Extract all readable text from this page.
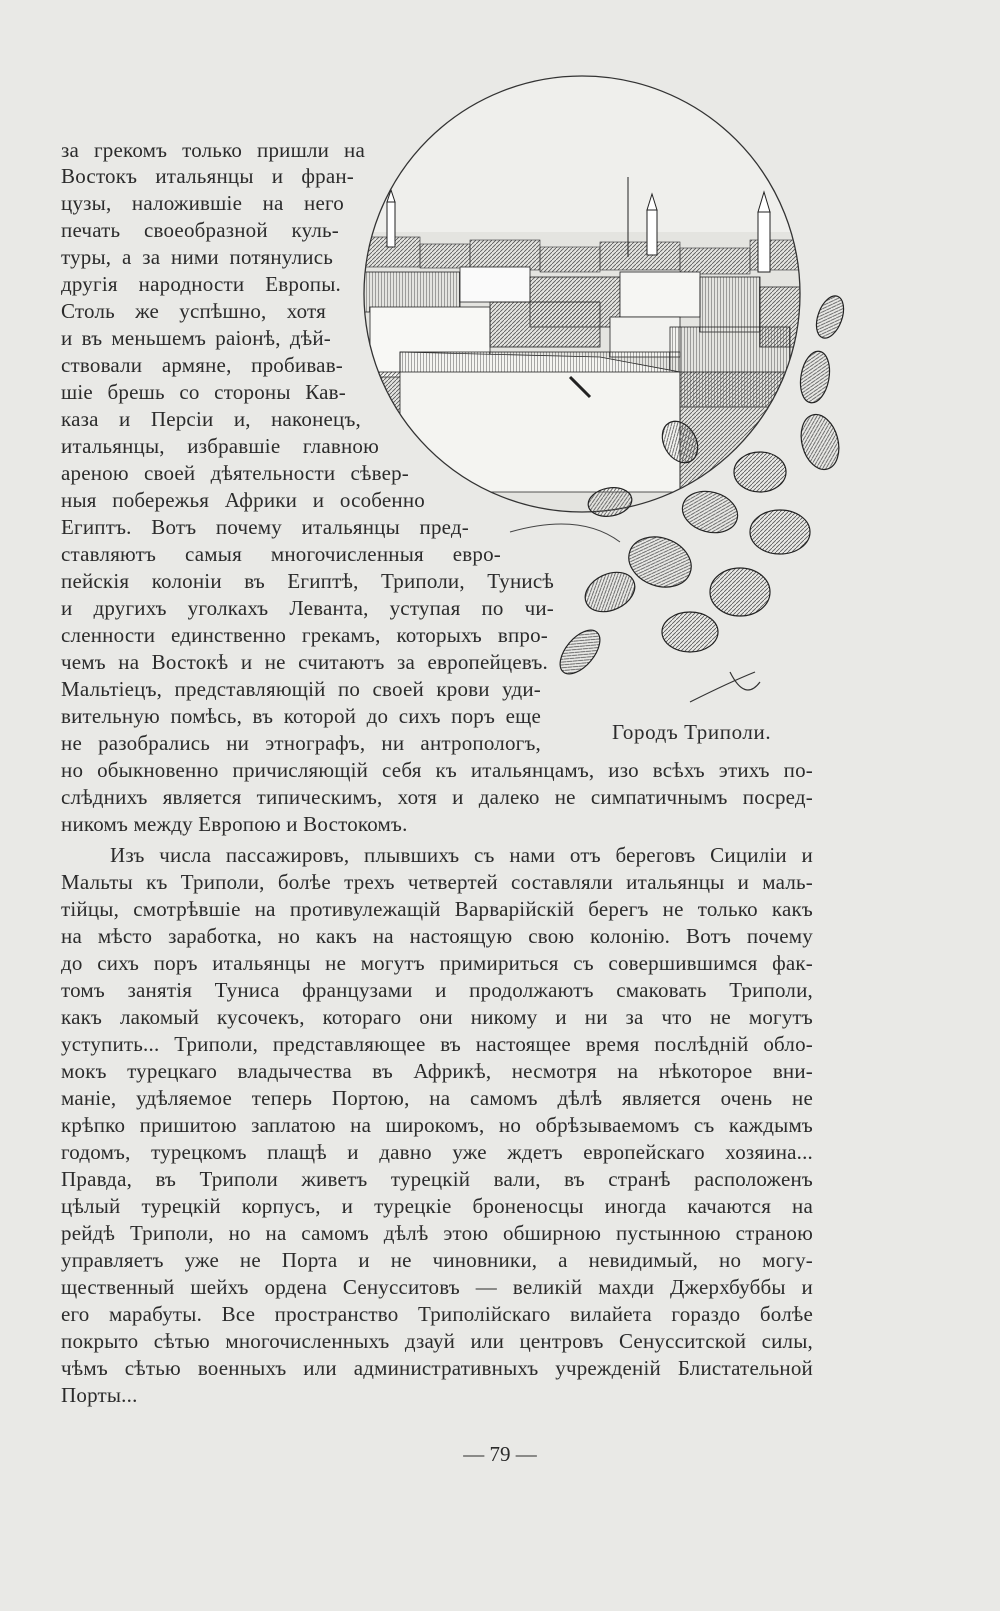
Городъ Триполи.
за грекомъ только пришли на
Востокъ итальянцы и фран-
цузы, наложившіе на него
печать своеобразной куль-
туры, а за ними потянулись
другія народности Европы.
Столь же успѣшно, хотя
и въ меньшемъ раіонѣ, дѣй-
ствовали армяне, пробивав-
шіе брешь со стороны Кав-
каза и Персіи и, наконецъ,
итальянцы, избравшіе главною
ареною своей дѣятельности сѣвер-
ныя побережья Африки и особенно
Египтъ. Вотъ почему итальянцы пред-
ставляютъ самыя многочисленныя евро-
пейскія колоніи въ Египтѣ, Триполи, Тунисѣ
и другихъ уголкахъ Леванта, уступая по чи-
сленности единственно грекамъ, которыхъ впро-
чемъ на Востокѣ и не считаютъ за европейцевъ.
Мальтіецъ, представляющій по своей крови уди-
вительную помѣсь, въ которой до сихъ поръ еще
не разобрались ни этнографъ, ни антропологъ,
но обыкновенно причисляющій себя къ итальянцамъ, изо всѣхъ этихъ по-
слѣднихъ является типическимъ, хотя и далеко не симпатичнымъ посред-
никомъ между Европою и Востокомъ.
Изъ числа пассажировъ, плывшихъ съ нами отъ береговъ Сициліи и
Мальты къ Триполи, болѣе трехъ четвертей составляли итальянцы и маль-
тійцы, смотрѣвшіе на противулежащій Варварійскій берегъ не только какъ
на мѣсто заработка, но какъ на настоящую свою колонію. Вотъ почему
до сихъ поръ итальянцы не могутъ примириться съ совершившимся фак-
томъ занятія Туниса французами и продолжаютъ смаковать Триполи,
какъ лакомый кусочекъ, котораго они никому и ни за что не могутъ
уступить... Триполи, представляющее въ настоящее время послѣдній обло-
мокъ турецкаго владычества въ Африкѣ, несмотря на нѣкоторое вни-
маніе, удѣляемое теперь Портою, на самомъ дѣлѣ является очень не
крѣпко пришитою заплатою на широкомъ, но обрѣзываемомъ съ каждымъ
годомъ, турецкомъ плащѣ и давно уже ждетъ европейскаго хозяина...
Правда, въ Триполи живетъ турецкій вали, въ странѣ расположенъ
цѣлый турецкій корпусъ, и турецкіе броненосцы иногда качаются на
рейдѣ Триполи, но на самомъ дѣлѣ этою обширною пустынною страною
управляетъ уже не Порта и не чиновники, а невидимый, но могу-
щественный шейхъ ордена Сенусситовъ — великій махди Джерхбуббы и
его марабуты. Все пространство Триполійскаго вилайета гораздо болѣе
покрыто сѣтью многочисленныхъ дзауй или центровъ Сенусситской силы,
чѣмъ сѣтью военныхъ или административныхъ учрежденій Блистательной
Порты...
— 79 —
